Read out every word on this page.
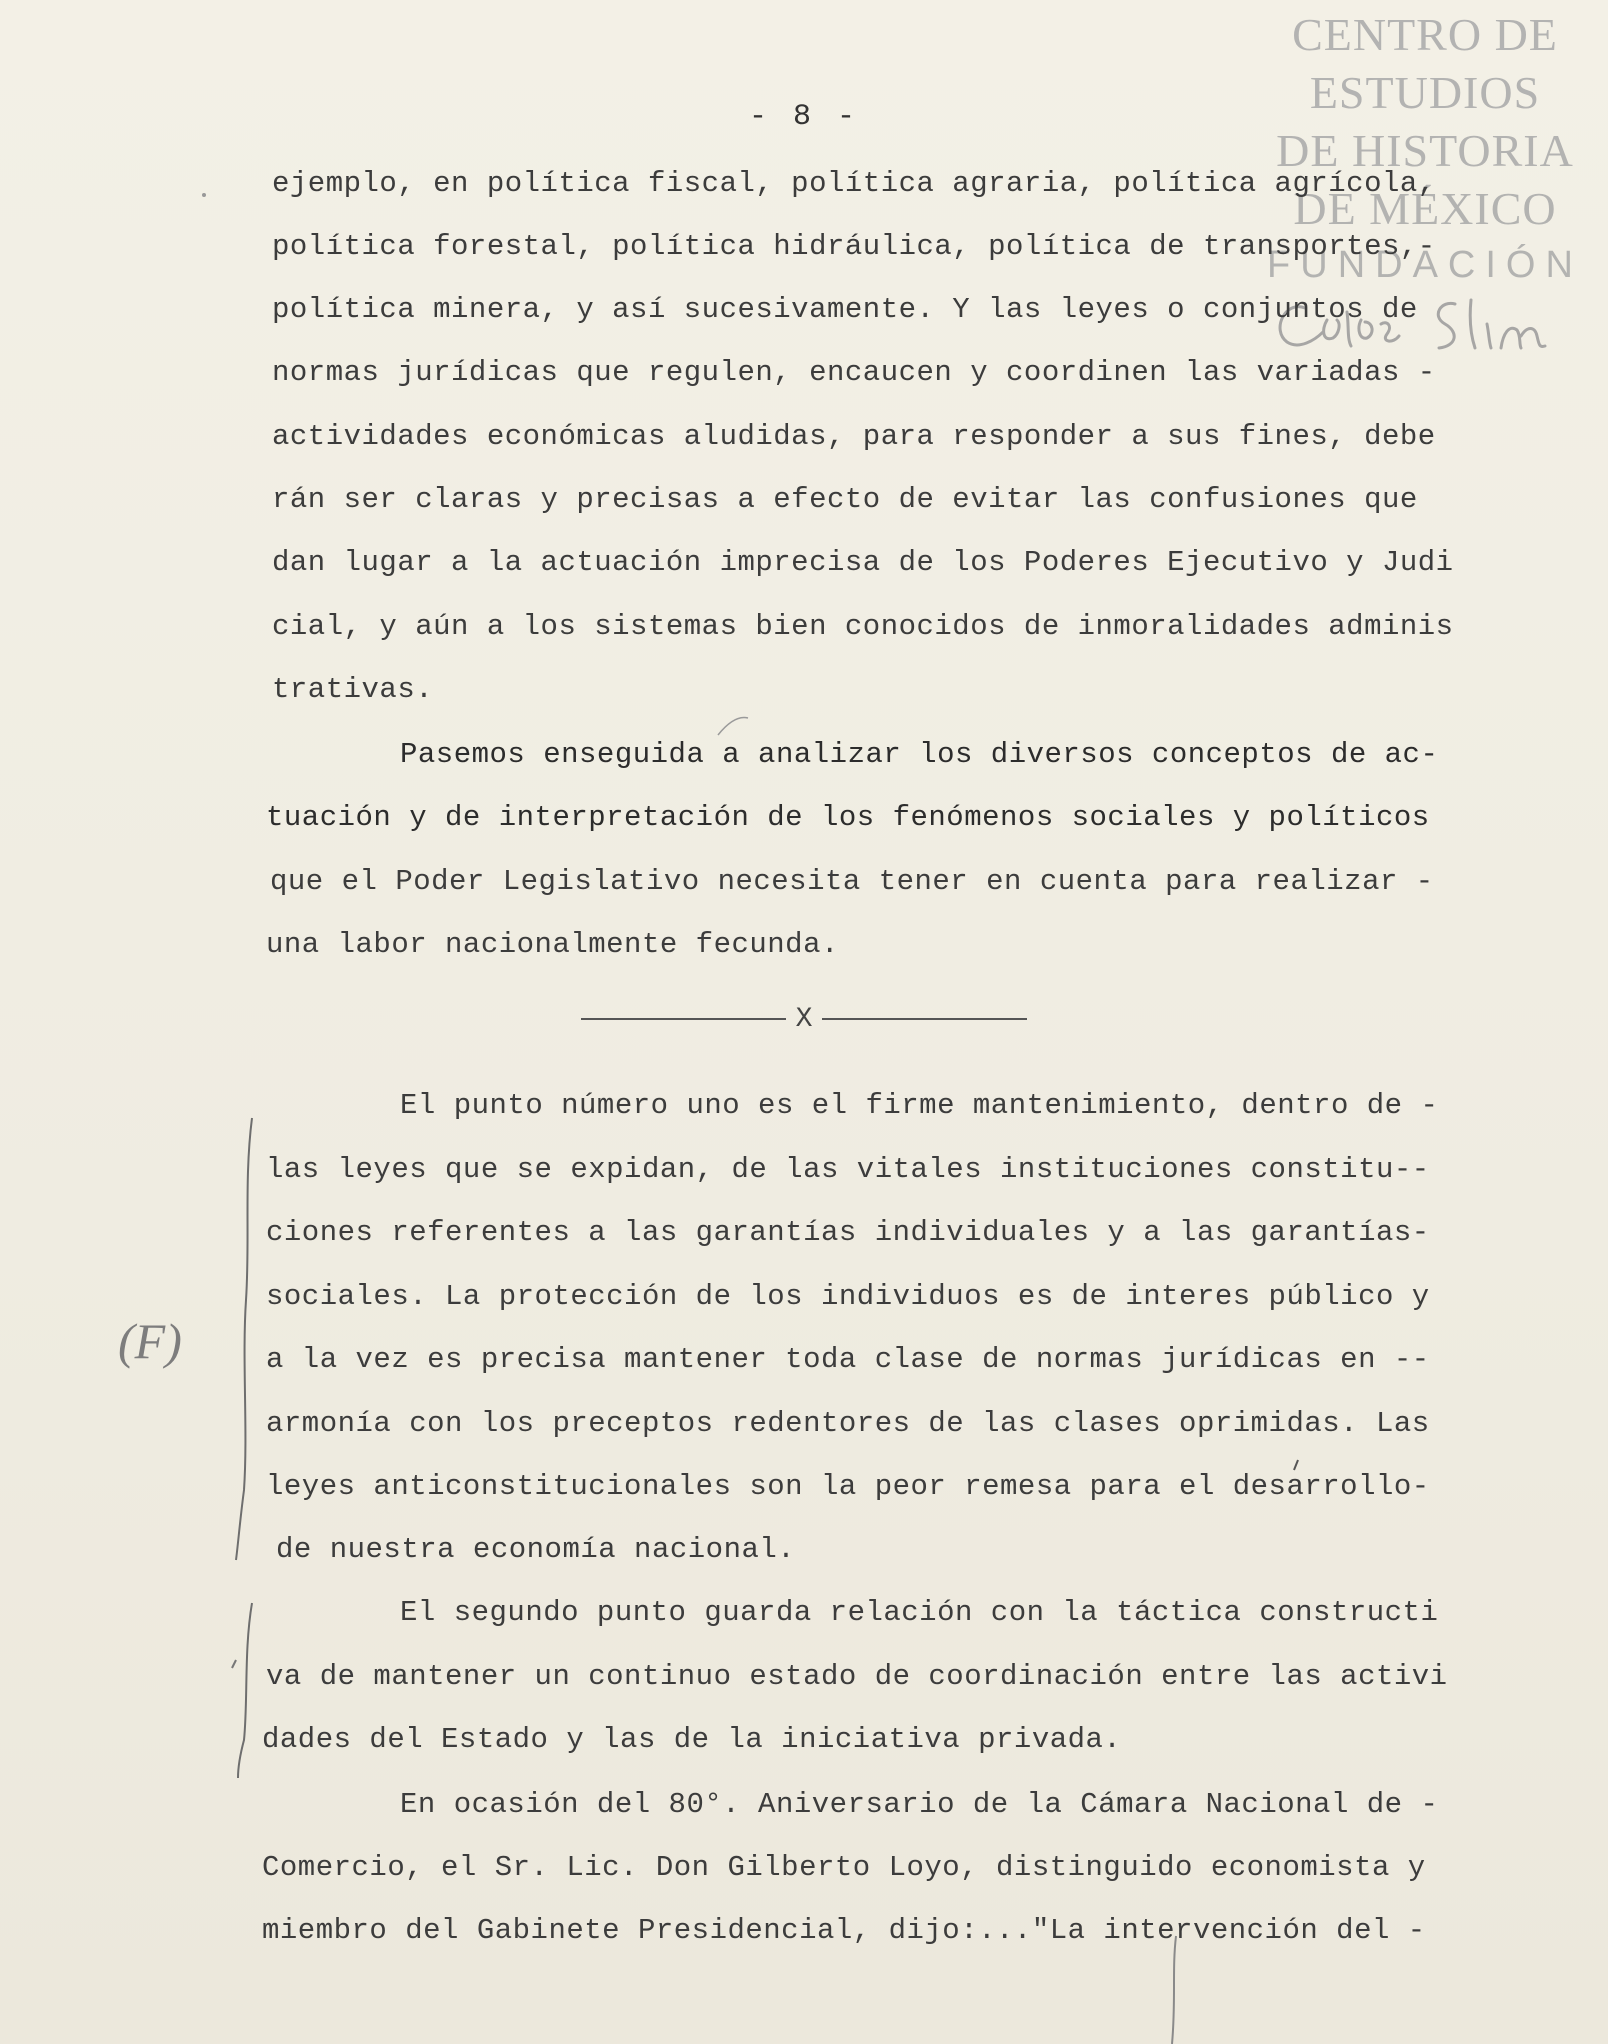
CENTRO DE
ESTUDIOS
DE HISTORIA
DE MÉXICO
FUNDACIÓN
- 8 -
ejemplo, en política fiscal, política agraria, política agrícola,
política forestal, política hidráulica, política de transportes,-
política minera, y así sucesivamente. Y las leyes o conjuntos de
normas jurídicas que regulen, encaucen y coordinen las variadas -
actividades económicas aludidas, para responder a sus fines, debe
rán ser claras y precisas a efecto de evitar las confusiones que
dan lugar a la actuación imprecisa de los Poderes Ejecutivo y Judi
cial, y aún a los sistemas bien conocidos de inmoralidades adminis
trativas.
Pasemos enseguida a analizar los diversos conceptos de ac-
tuación y de interpretación de los fenómenos sociales y políticos
que el Poder Legislativo necesita tener en cuenta para realizar -
una labor nacionalmente fecunda.
X
El punto número uno es el firme mantenimiento, dentro de -
las leyes que se expidan, de las vitales instituciones constitu--
ciones referentes a las garantías individuales y a las garantías-
sociales. La protección de los individuos es de interes público y
a la vez es precisa mantener toda clase de normas jurídicas en --
armonía con los preceptos redentores de las clases oprimidas. Las
leyes anticonstitucionales son la peor remesa para el desarrollo-
de nuestra economía nacional.
El segundo punto guarda relación con la táctica constructi
va de mantener un continuo estado de coordinación entre las activi
dades del Estado y las de la iniciativa privada.
En ocasión del 80°. Aniversario de la Cámara Nacional de -
Comercio, el Sr. Lic. Don Gilberto Loyo, distinguido economista y
miembro del Gabinete Presidencial, dijo:..."La intervención del -
(F)
